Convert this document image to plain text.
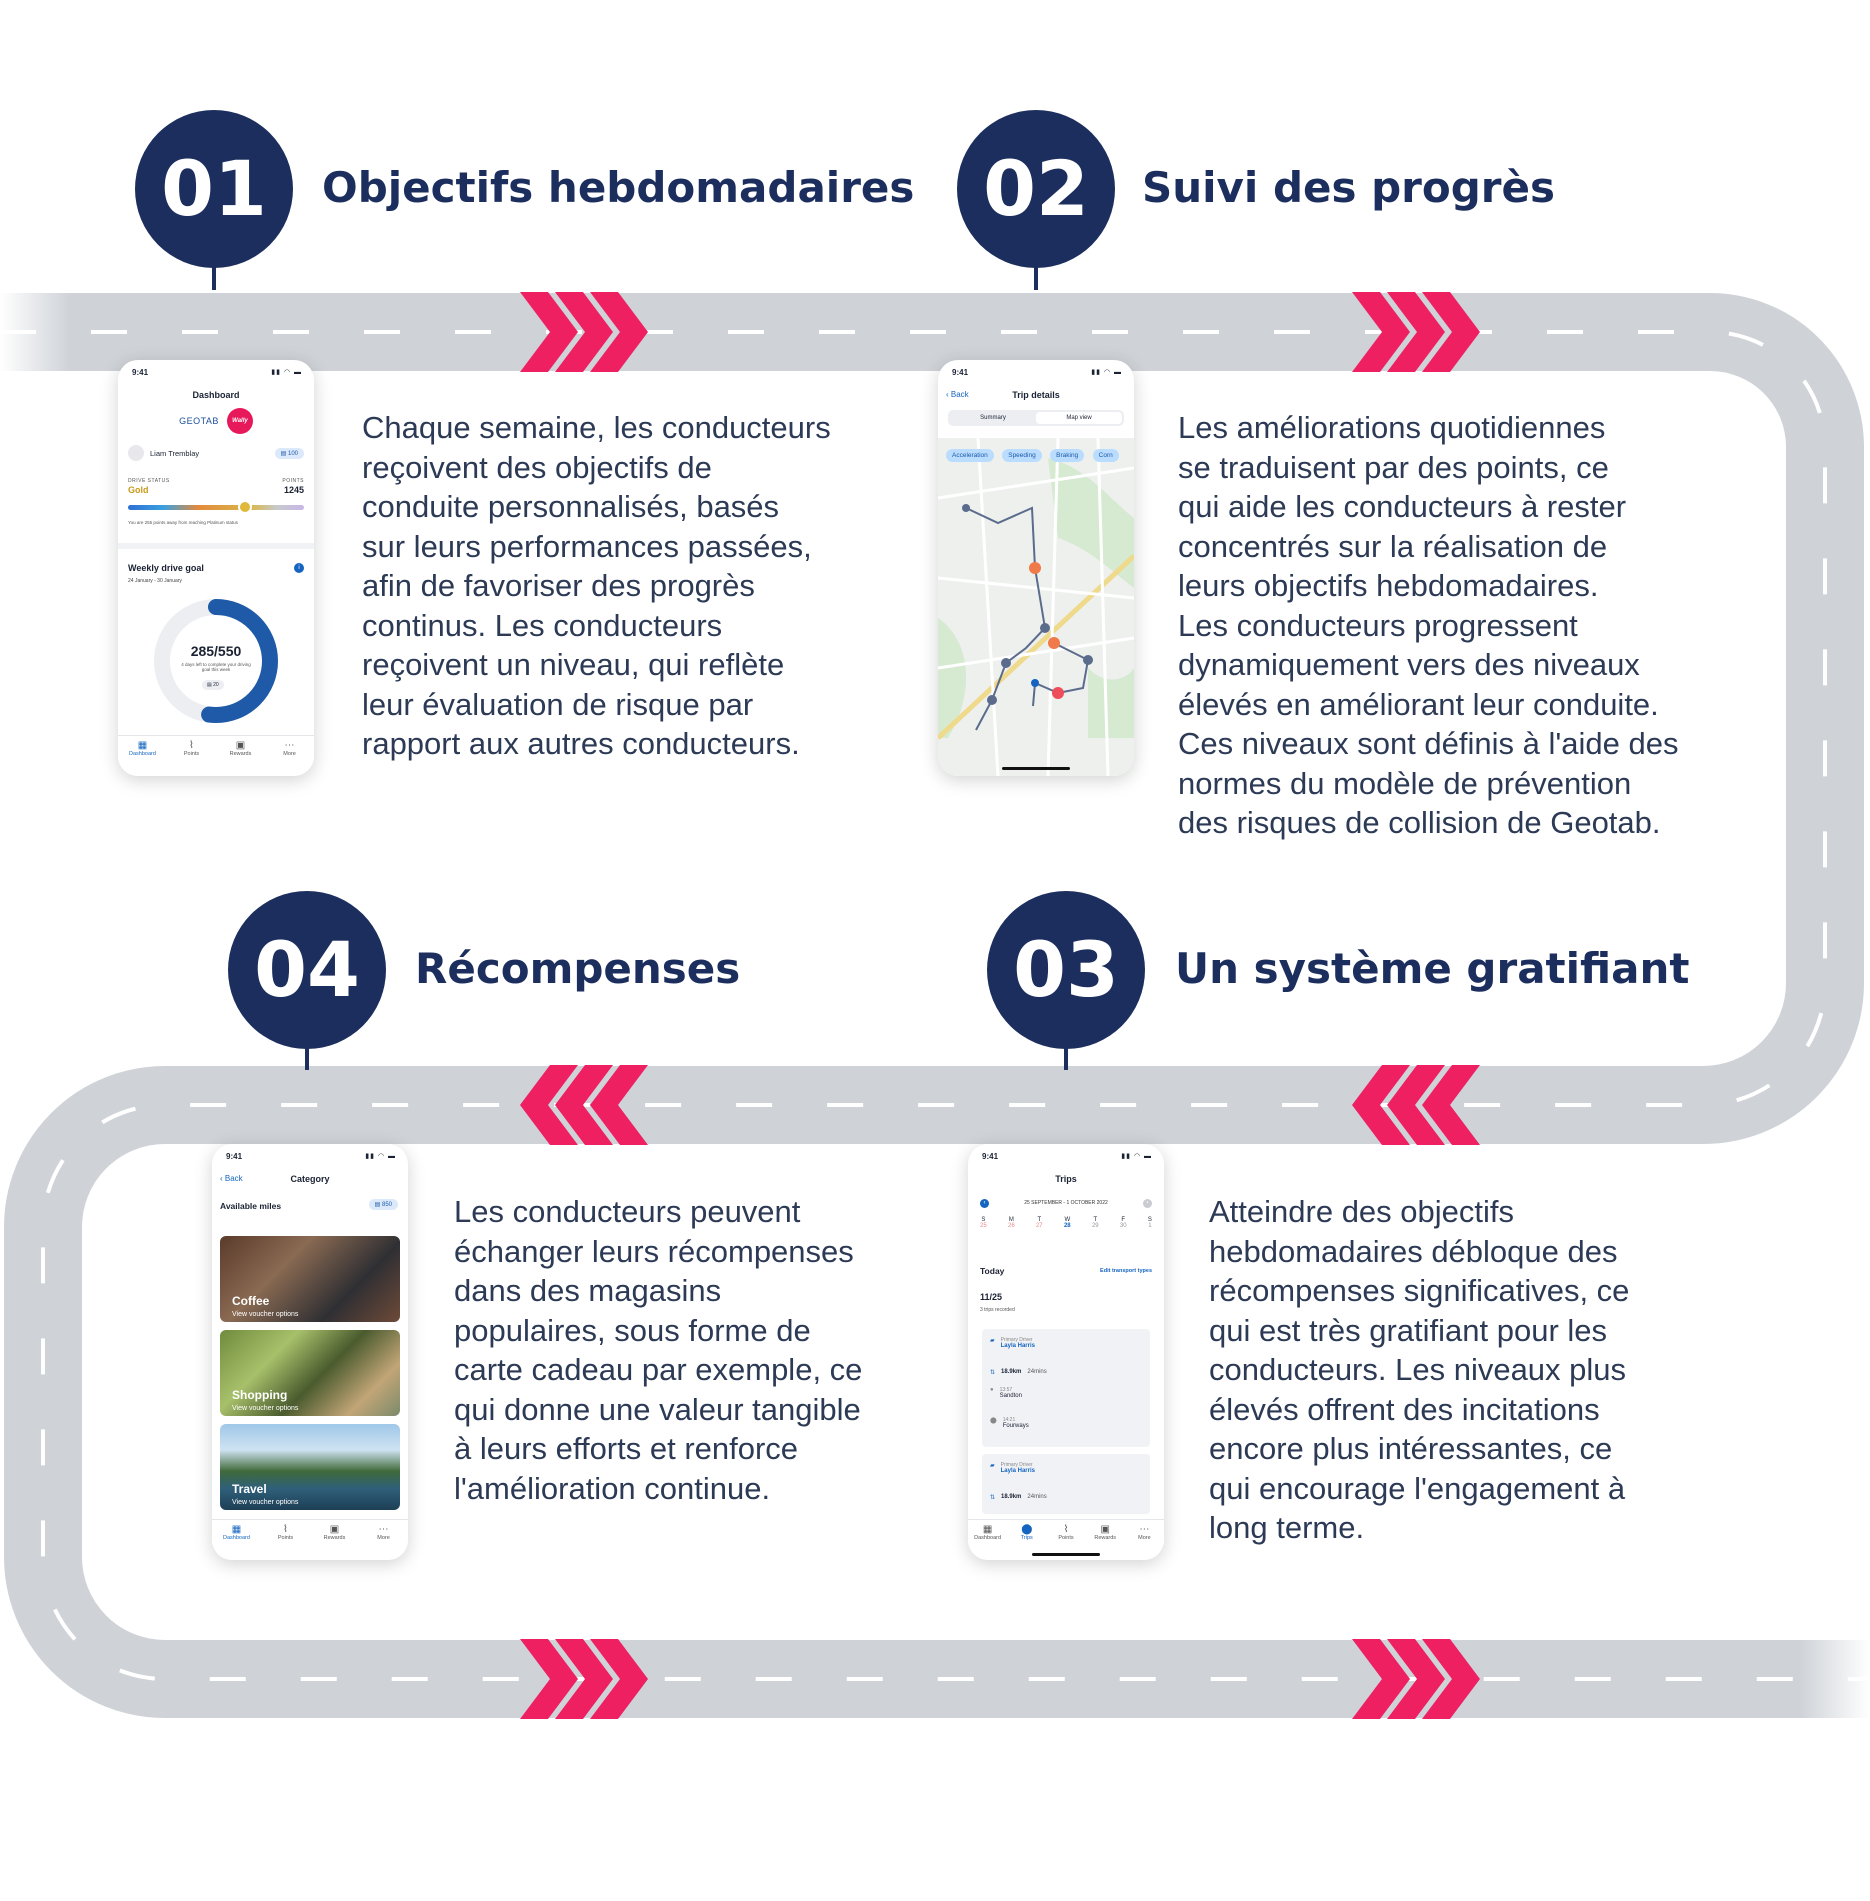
01 Objectifs hebdomadaires 02 Suivi des progrès
04 Récompenses	03 Un système gratifiant

Chaque semaine, les conducteurs
reçoivent des objectifs de
conduite personnalisés, basés
sur leurs performances passées,
afin de favoriser des progrès
continus. Les conducteurs
reçoivent un niveau, qui reflète
leur évaluation de risque par
rapport aux autres conducteurs.

Les améliorations quotidiennes
se traduisent par des points, ce
qui aide les conducteurs à rester
concentrés sur la réalisation de
leurs objectifs hebdomadaires.
Les conducteurs progressent
dynamiquement vers des niveaux
élevés en améliorant leur conduite.
Ces niveaux sont définis à l'aide des
normes du modèle de prévention
des risques de collision de Geotab.

Les conducteurs peuvent
échanger leurs récompenses
dans des magasins
populaires, sous forme de
carte cadeau par exemple, ce
qui donne une valeur tangible
à leurs efforts et renforce
l'amélioration continue.

Atteindre des objectifs
hebdomadaires débloque des
récompenses significatives, ce
qui est très gratifiant pour les
conducteurs. Les niveaux plus
élevés offrent des incitations
encore plus intéressantes, ce
qui encourage l'engagement à
long terme.

9:41	▮▮ ◠ ▬
Dashboard
GEOTAB	Wally
Liam Tremblay	▤ 100
DRIVE STATUS	POINTS
Gold	1245
You are 255 points away from reaching Platinum status
Weekly drive goal	i
24 January - 30 January
285/550
4 days left to complete your driving goal this week
▤ 20
▦
Dashboard
⌇
Points
▣
Rewards
⋯
More
9:41	▮▮ ◠ ▬
‹ Back	Trip details
Summary	Map view
Acceleration	Speeding	Braking	Corn
9:41	▮▮ ◠ ▬
‹ Back	Category
Available miles	▤ 850
Coffee
View voucher options
Shopping
View voucher options
Travel
View voucher options
▦
Dashboard
⌇
Points
▣
Rewards
⋯
More
9:41	▮▮ ◠ ▬
Trips
‹	25 SEPTEMBER - 1 OCTOBER 2022	›
S
25
M
26
T
27
W
28
T
29
F
30
S
1
Today	Edit transport types
11/25
3 trips recorded
▰ Primary Driver
Layla Harris
⇅ 18.9km 24mins
● 13:57
Sandton
⬤ 14:21
Fourways
▰ Primary Driver
Layla Harris
⇅ 18.9km 24mins
▦
Dashboard
⬤
Trips
⌇
Points
▣
Rewards
⋯
More
